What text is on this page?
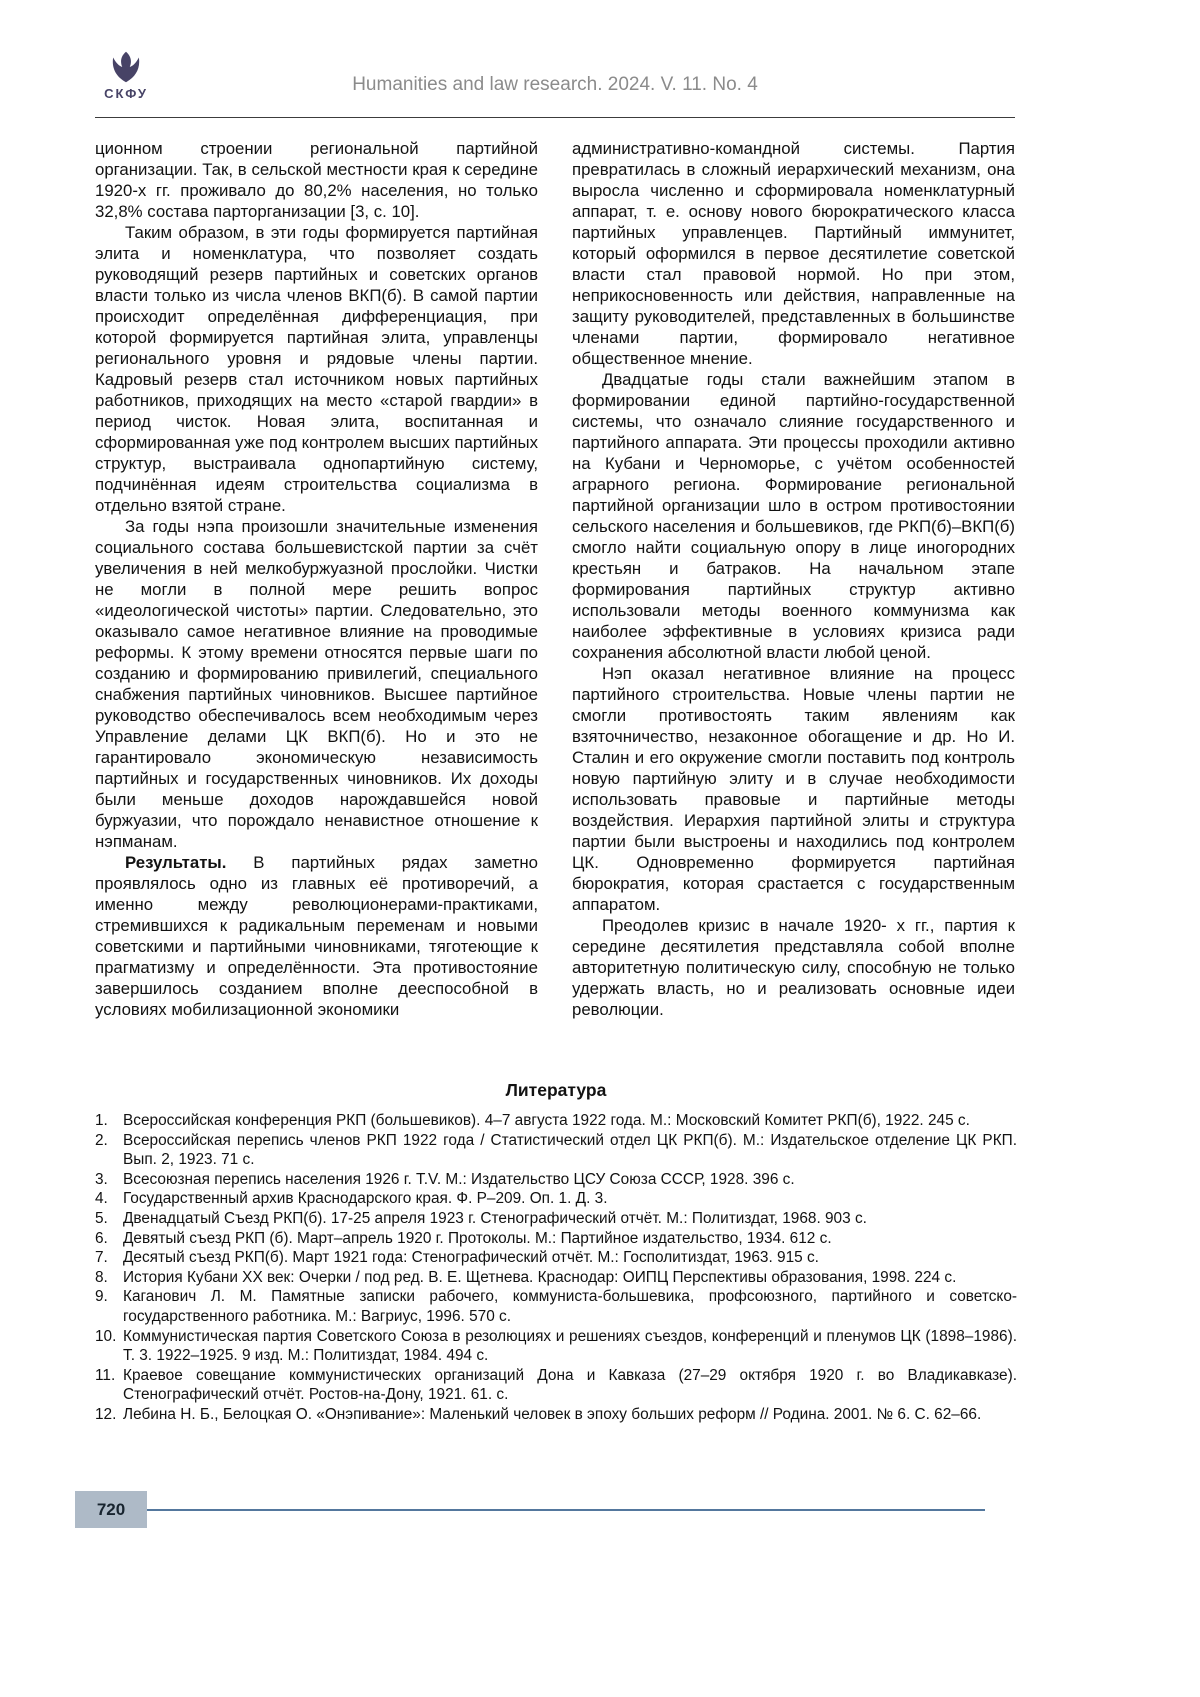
СКФУ	Humanities and law research. 2024. V. 11. No. 4

ционном строении региональной партийной организации. Так, в сельской местности края к середине 1920-х гг. проживало до 80,2% населения, но только 32,8% состава парторганизации [3, с. 10].

Таким образом, в эти годы формируется партийная элита и номенклатура, что позволяет создать руководящий резерв партийных и советских органов власти только из числа членов ВКП(б). В самой партии происходит определённая дифференциация, при которой формируется партийная элита, управленцы регионального уровня и рядовые члены партии. Кадровый резерв стал источником новых партийных работников, приходящих на место «старой гвардии» в период чисток. Новая элита, воспитанная и сформированная уже под контролем высших партийных структур, выстраивала однопартийную систему, подчинённая идеям строительства социализма в отдельно взятой стране.

За годы нэпа произошли значительные изменения социального состава большевистской партии за счёт увеличения в ней мелкобуржуазной прослойки. Чистки не могли в полной мере решить вопрос «идеологической чистоты» партии. Следовательно, это оказывало самое негативное влияние на проводимые реформы. К этому времени относятся первые шаги по созданию и формированию привилегий, специального снабжения партийных чиновников. Высшее партийное руководство обеспечивалось всем необходимым через Управление делами ЦК ВКП(б). Но и это не гарантировало экономическую независимость партийных и государственных чиновников. Их доходы были меньше доходов нарождавшейся новой буржуазии, что порождало ненавистное отношение к нэпманам.

Результаты. В партийных рядах заметно проявлялось одно из главных её противоречий, а именно между революционерами-практиками, стремившихся к радикальным переменам и новыми советскими и партийными чиновниками, тяготеющие к прагматизму и определённости. Эта противостояние завершилось созданием вполне дееспособной в условиях мобилизационной экономики

административно-командной системы. Партия превратилась в сложный иерархический механизм, она выросла численно и сформировала номенклатурный аппарат, т. е. основу нового бюрократического класса партийных управленцев. Партийный иммунитет, который оформился в первое десятилетие советской власти стал правовой нормой. Но при этом, неприкосновенность или действия, направленные на защиту руководителей, представленных в большинстве членами партии, формировало негативное общественное мнение.

Двадцатые годы стали важнейшим этапом в формировании единой партийно-государственной системы, что означало слияние государственного и партийного аппарата. Эти процессы проходили активно на Кубани и Черноморье, с учётом особенностей аграрного региона. Формирование региональной партийной организации шло в остром противостоянии сельского населения и большевиков, где РКП(б)–ВКП(б) смогло найти социальную опору в лице иногородних крестьян и батраков. На начальном этапе формирования партийных структур активно использовали методы военного коммунизма как наиболее эффективные в условиях кризиса ради сохранения абсолютной власти любой ценой.

Нэп оказал негативное влияние на процесс партийного строительства. Новые члены партии не смогли противостоять таким явлениям как взяточничество, незаконное обогащение и др. Но И. Сталин и его окружение смогли поставить под контроль новую партийную элиту и в случае необходимости использовать правовые и партийные методы воздействия. Иерархия партийной элиты и структура партии были выстроены и находились под контролем ЦК. Одновременно формируется партийная бюрократия, которая срастается с государственным аппаратом.

Преодолев кризис в начале 1920- х гг., партия к середине десятилетия представляла собой вполне авторитетную политическую силу, способную не только удержать власть, но и реализовать основные идеи революции.

Литература
1. Всероссийская конференция РКП (большевиков). 4–7 августа 1922 года. М.: Московский Комитет РКП(б), 1922. 245 с.
2. Всероссийская перепись членов РКП 1922 года / Статистический отдел ЦК РКП(б). М.: Издательское отделение ЦК РКП. Вып. 2, 1923. 71 с.
3. Всесоюзная перепись населения 1926 г. Т.V. М.: Издательство ЦСУ Союза СССР, 1928. 396 с.
4. Государственный архив Краснодарского края. Ф. Р–209. Оп. 1. Д. 3.
5. Двенадцатый Съезд РКП(б). 17-25 апреля 1923 г. Стенографический отчёт. М.: Политиздат, 1968. 903 с.
6. Девятый съезд РКП (б). Март–апрель 1920 г. Протоколы. М.: Партийное издательство, 1934. 612 с.
7. Десятый съезд РКП(б). Март 1921 года: Стенографический отчёт. М.: Госполитиздат, 1963. 915 с.
8. История Кубани XX век: Очерки / под ред. В. Е. Щетнева. Краснодар: ОИПЦ Перспективы образования, 1998. 224 с.
9. Каганович Л. М. Памятные записки рабочего, коммуниста-большевика, профсоюзного, партийного и советско-государственного работника. М.: Вагриус, 1996. 570 с.
10. Коммунистическая партия Советского Союза в резолюциях и решениях съездов, конференций и пленумов ЦК (1898–1986). Т. 3. 1922–1925. 9 изд. М.: Политиздат, 1984. 494 с.
11. Краевое совещание коммунистических организаций Дона и Кавказа (27–29 октября 1920 г. во Владикавказе). Стенографический отчёт. Ростов-на-Дону, 1921. 61. с.
12. Лебина Н. Б., Белоцкая О. «Онэпивание»: Маленький человек в эпоху больших реформ // Родина. 2001. № 6. С. 62–66.
720
